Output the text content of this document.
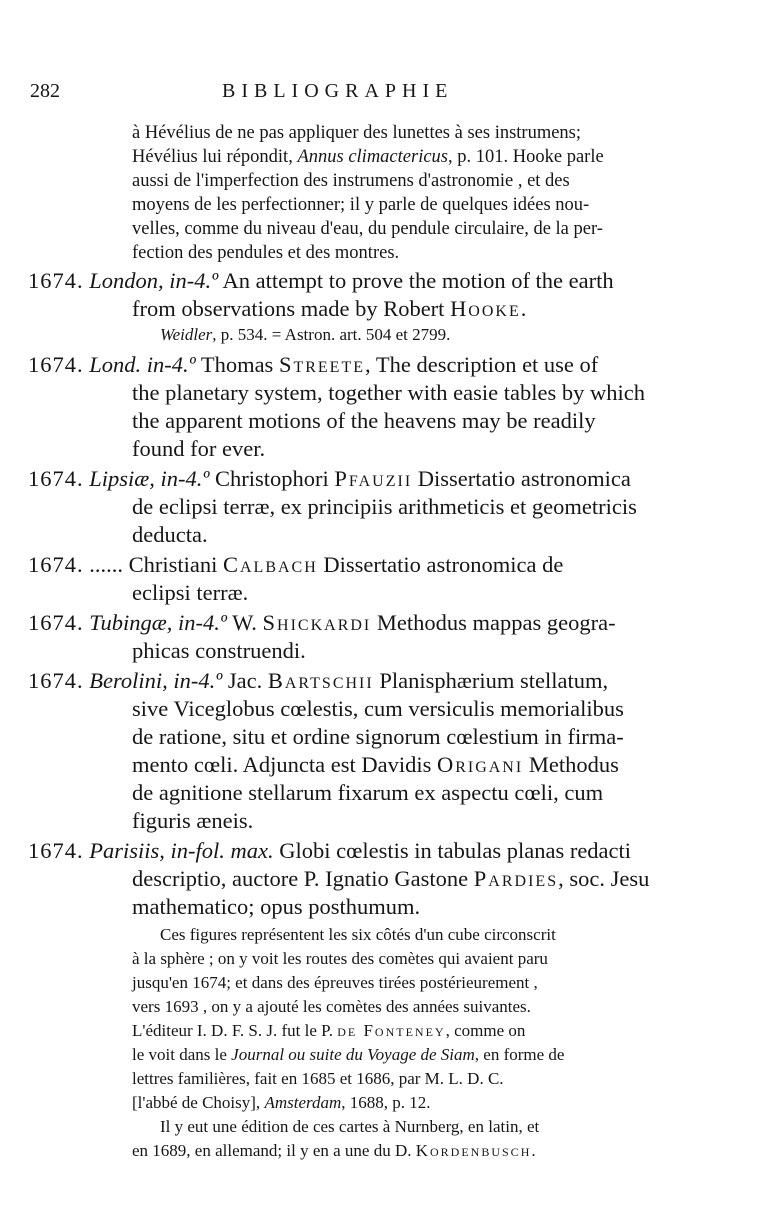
282	BIBLIOGRAPHIE
à Hévélius de ne pas appliquer des lunettes à ses instrumens;
Hévélius lui répondit, Annus climactericus, p. 101. Hooke parle
aussi de l'imperfection des instrumens d'astronomie , et des
moyens de les perfectionner; il y parle de quelques idées nou-
velles, comme du niveau d'eau, du pendule circulaire, de la per-
fection des pendules et des montres.
1674. London, in-4.º An attempt to prove the motion of the earth
from observations made by Robert Hooke.
Weidler, p. 534. = Astron. art. 504 et 2799.
1674. Lond. in-4.º Thomas Streete, The description et use of
the planetary system, together with easie tables by which
the apparent motions of the heavens may be readily
found for ever.
1674. Lipsiæ, in-4.º Christophori Pfauzii Dissertatio astronomica
de eclipsi terræ, ex principiis arithmeticis et geometricis
deducta.
1674. ...... Christiani Calbach Dissertatio astronomica de
eclipsi terræ.
1674. Tubingæ, in-4.º W. Shickardi Methodus mappas geogra-
phicas construendi.
1674. Berolini, in-4.º Jac. Bartschii Planisphærium stellatum,
sive Viceglobus cœlestis, cum versiculis memorialibus
de ratione, situ et ordine signorum cœlestium in firma-
mento cœli. Adjuncta est Davidis Origani Methodus
de agnitione stellarum fixarum ex aspectu cœli, cum
figuris æneis.
1674. Parisiis, in-fol. max. Globi cœlestis in tabulas planas redacti
descriptio, auctore P. Ignatio Gastone Pardies, soc. Jesu
mathematico; opus posthumum.
Ces figures représentent les six côtés d'un cube circonscrit
à la sphère ; on y voit les routes des comètes qui avaient paru
jusqu'en 1674; et dans des épreuves tirées postérieurement ,
vers 1693 , on y a ajouté les comètes des années suivantes.
L'éditeur I. D. F. S. J. fut le P. de Fonteney, comme on
le voit dans le Journal ou suite du Voyage de Siam, en forme de
lettres familières, fait en 1685 et 1686, par M. L. D. C.
[l'abbé de Choisy], Amsterdam, 1688, p. 12.
Il y eut une édition de ces cartes à Nurnberg, en latin, et
en 1689, en allemand; il y en a une du D. Kordenbusch.
